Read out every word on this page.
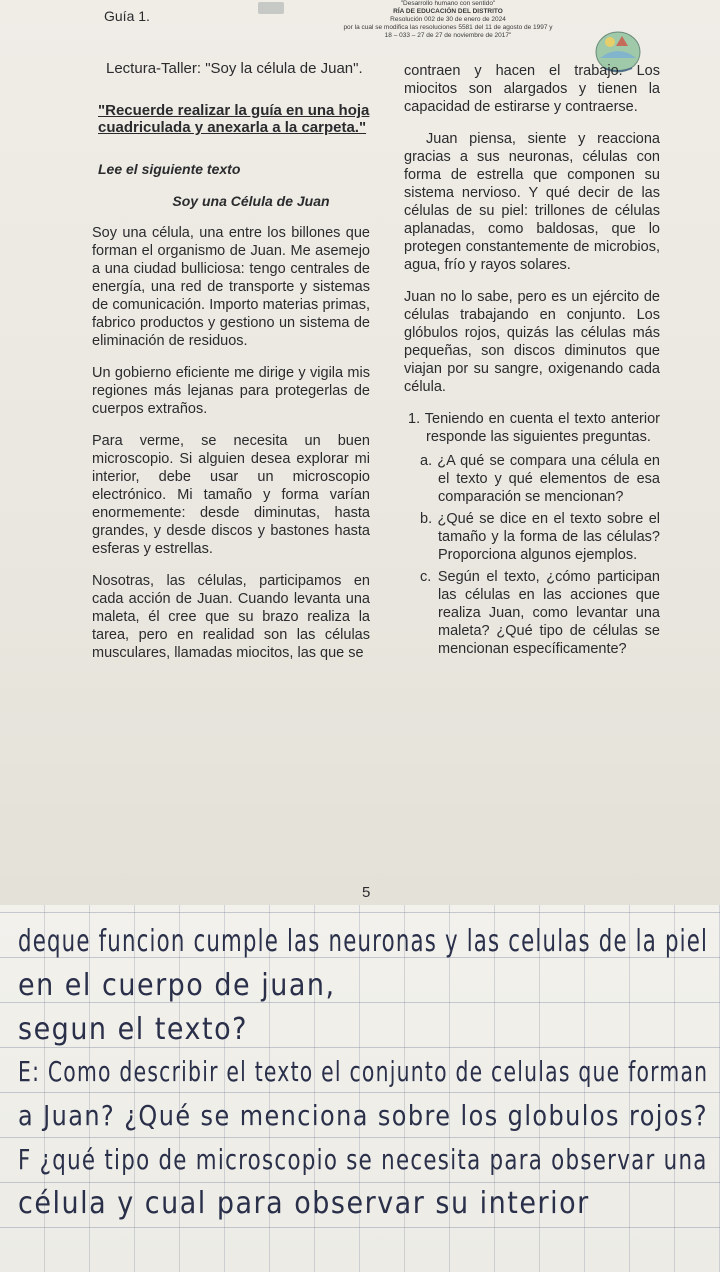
Guía 1.
"Desarrollo humano con sentido"
RÍA DE EDUCACIÓN DEL DISTRITO
Resolución 002 de 30 de enero de 2024
por la cual se modifica las resoluciones 5581 del 11 de agosto de 1997 y
18 – 033 – 27 de 27 de noviembre de 2017"

Lectura-Taller: "Soy la célula de Juan".

"Recuerde realizar la guía en una hoja cuadriculada y anexarla a la carpeta."

Lee el siguiente texto

Soy una Célula de Juan

Soy una célula, una entre los billones que forman el organismo de Juan. Me asemejo a una ciudad bulliciosa: tengo centrales de energía, una red de transporte y sistemas de comunicación. Importo materias primas, fabrico productos y gestiono un sistema de eliminación de residuos.

Un gobierno eficiente me dirige y vigila mis regiones más lejanas para protegerlas de cuerpos extraños.

Para verme, se necesita un buen microscopio. Si alguien desea explorar mi interior, debe usar un microscopio electrónico. Mi tamaño y forma varían enormemente: desde diminutas, hasta grandes, y desde discos y bastones hasta esferas y estrellas.

Nosotras, las células, participamos en cada acción de Juan. Cuando levanta una maleta, él cree que su brazo realiza la tarea, pero en realidad son las células musculares, llamadas miocitos, las que se

contraen y hacen el trabajo. Los miocitos son alargados y tienen la capacidad de estirarse y contraerse.

Juan piensa, siente y reacciona gracias a sus neuronas, células con forma de estrella que componen su sistema nervioso. Y qué decir de las células de su piel: trillones de células aplanadas, como baldosas, que lo protegen constantemente de microbios, agua, frío y rayos solares.

Juan no lo sabe, pero es un ejército de células trabajando en conjunto. Los glóbulos rojos, quizás las células más pequeñas, son discos diminutos que viajan por su sangre, oxigenando cada célula.

1. Teniendo en cuenta el texto anterior responde las siguientes preguntas.

a. ¿A qué se compara una célula en el texto y qué elementos de esa comparación se mencionan?

b. ¿Qué se dice en el texto sobre el tamaño y la forma de las células? Proporciona algunos ejemplos.

c. Según el texto, ¿cómo participan las células en las acciones que realiza Juan, como levantar una maleta? ¿Qué tipo de células se mencionan específicamente?

5
deque funcion cumple las neuronas y las celulas de la piel
en el cuerpo de juan,
segun el texto?
E: Como describir el texto el conjunto de celulas que forman
a Juan? ¿Qué se menciona sobre los globulos rojos?
F ¿qué tipo de microscopio se necesita para observar una
célula y cual para observar su interior
